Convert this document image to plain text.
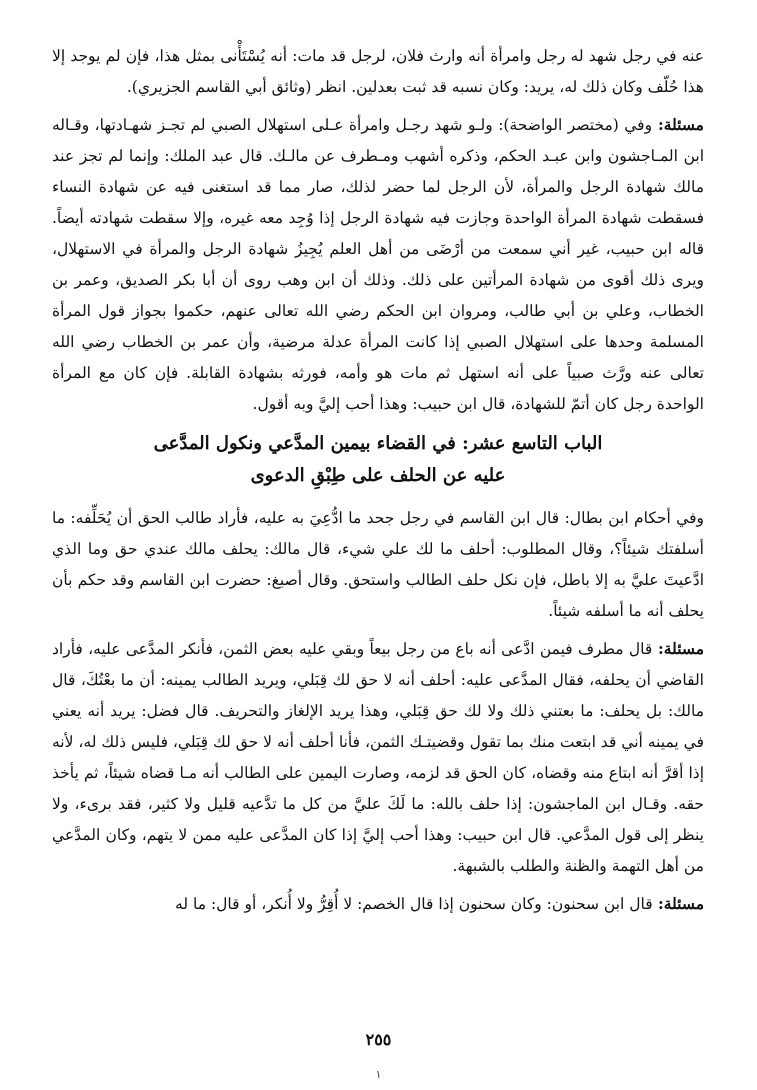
عنه في رجل شهد له رجل وامرأة أنه وارث فلان، لرجل قد مات: أنه يُسْتَأْنى بمثل هذا، فإن لم يوجد إلا هذا حُلّف وكان ذلك له، يريد: وكان نسبه قد ثبت بعدلين. انظر (وثائق أبي القاسم الجزيري).

مسئلة: وفي (مختصر الواضحة): ولـو شهد رجـل وامرأة عـلى استهلال الصبي لم تجـز شهـادتها، وقـاله ابن المـاجشون وابن عبـد الحكم، وذكره أشهب ومـطرف عن مالـك. قال عبد الملك: وإنما لم تجز عند مالك شهادة الرجل والمرأة، لأن الرجل لما حضر لذلك، صار مما قد استغنى فيه عن شهادة النساء فسقطت شهادة المرأة الواحدة وجازت فيه شهادة الرجل إذا وُجِد معه غيره، وإلا سقطت شهادته أيضاً. قاله ابن حبيب، غير أني سمعت من أرْضَى من أهل العلم يُجِيزُ شهادة الرجل والمرأة في الاستهلال، ويرى ذلك أقوى من شهادة المرأتين على ذلك. وذلك أن ابن وهب روى أن أبا بكر الصديق، وعمر بن الخطاب، وعلي بن أبي طالب، ومروان ابن الحكم رضي الله تعالى عنهم، حكموا بجواز قول المرأة المسلمة وحدها على استهلال الصبي إذا كانت المرأة عدلة مرضية، وأن عمر بن الخطاب رضي الله تعالى عنه ورَّث صبياً على أنه استهل ثم مات هو وأمه، فورثه بشهادة القابلة. فإن كان مع المرأة الواحدة رجل كان أتمّ للشهادة، قال ابن حبيب: وهذا أحب إليَّ وبه أقول.

الباب التاسع عشر: في القضاء بيمين المدَّعي ونكول المدَّعى
عليه عن الحلف على طِبْقِ الدعوى

وفي أحكام ابن بطال: قال ابن القاسم في رجل جحد ما ادُّعِيَ به عليه، فأراد طالب الحق أن يُحَلِّفه: ما أسلفتك شيئاً؟، وقال المطلوب: أحلف ما لك علي شيء، قال مالك: يحلف مالك عندي حق وما الذي ادَّعيتَ عليَّ به إلا باطل، فإن نكل حلف الطالب واستحق. وقال أصبغ: حضرت ابن القاسم وقد حكم بأن يحلف أنه ما أسلفه شيئاً.

مسئلة: قال مطرف فيمن ادَّعى أنه باع من رجل بيعاً وبقي عليه بعض الثمن، فأنكر المدَّعى عليه، فأراد القاضي أن يحلفه، فقال المدَّعى عليه: أحلف أنه لا حق لك قِبَلي، ويريد الطالب يمينه: أن ما بعْتُكَ، قال مالك: بل يحلف: ما بعتني ذلك ولا لك حق قِبَلي، وهذا يريد الإلغاز والتحريف. قال فضل: يريد أنه يعني في يمينه أني قد ابتعت منك بما تقول وقضيتـك الثمن، فأنا أحلف أنه لا حق لك قِبَلي، فليس ذلك له، لأنه إذا أقرَّ أنه ابتاع منه وقضاه، كان الحق قد لزمه، وصارت اليمين على الطالب أنه مـا قضاه شيئاً، ثم يأخذ حقه. وقـال ابن الماجشون: إذا حلف بالله: ما لَكَ عليَّ من كل ما تدَّعيه قليل ولا كثير، فقد برىء، ولا ينظر إلى قول المدَّعي. قال ابن حبيب: وهذا أحب إليَّ إذا كان المدَّعى عليه ممن لا يتهم، وكان المدَّعي من أهل التهمة والظنة والطلب بالشبهة.

مسئلة: قال ابن سحنون: وكان سحنون إذا قال الخصم: لا أُقِرُّ ولا أُنكر، أو قال: ما له

٢٥٥
١
